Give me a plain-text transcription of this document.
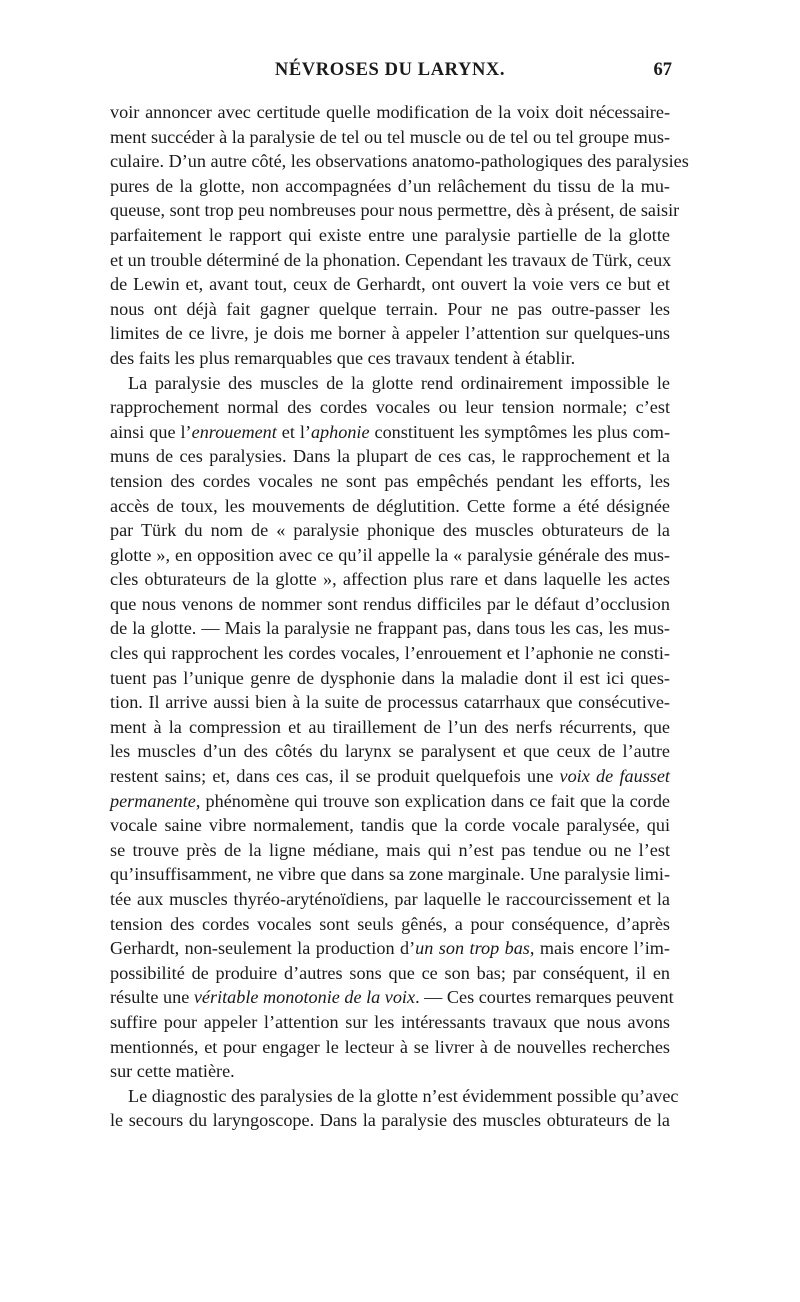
NÉVROSES DU LARYNX.	67
voir annoncer avec certitude quelle modification de la voix doit nécessaire-
ment succéder à la paralysie de tel ou tel muscle ou de tel ou tel groupe mus-
culaire. D’un autre côté, les observations anatomo-pathologiques des paralysies
pures de la glotte, non accompagnées d’un relâchement du tissu de la mu-
queuse, sont trop peu nombreuses pour nous permettre, dès à présent, de saisir
parfaitement le rapport qui existe entre une paralysie partielle de la glotte
et un trouble déterminé de la phonation. Cependant les travaux de Türk, ceux
de Lewin et, avant tout, ceux de Gerhardt, ont ouvert la voie vers ce but et
nous ont déjà fait gagner quelque terrain. Pour ne pas outre-passer les
limites de ce livre, je dois me borner à appeler l’attention sur quelques-uns
des faits les plus remarquables que ces travaux tendent à établir.
La paralysie des muscles de la glotte rend ordinairement impossible le
rapprochement normal des cordes vocales ou leur tension normale; c’est
ainsi que l’enrouement et l’aphonie constituent les symptômes les plus com-
muns de ces paralysies. Dans la plupart de ces cas, le rapprochement et la
tension des cordes vocales ne sont pas empêchés pendant les efforts, les
accès de toux, les mouvements de déglutition. Cette forme a été désignée
par Türk du nom de « paralysie phonique des muscles obturateurs de la
glotte », en opposition avec ce qu’il appelle la « paralysie générale des mus-
cles obturateurs de la glotte », affection plus rare et dans laquelle les actes
que nous venons de nommer sont rendus difficiles par le défaut d’occlusion
de la glotte. — Mais la paralysie ne frappant pas, dans tous les cas, les mus-
cles qui rapprochent les cordes vocales, l’enrouement et l’aphonie ne consti-
tuent pas l’unique genre de dysphonie dans la maladie dont il est ici ques-
tion. Il arrive aussi bien à la suite de processus catarrhaux que consécutive-
ment à la compression et au tiraillement de l’un des nerfs récurrents, que
les muscles d’un des côtés du larynx se paralysent et que ceux de l’autre
restent sains; et, dans ces cas, il se produit quelquefois une voix de fausset
permanente, phénomène qui trouve son explication dans ce fait que la corde
vocale saine vibre normalement, tandis que la corde vocale paralysée, qui
se trouve près de la ligne médiane, mais qui n’est pas tendue ou ne l’est
qu’insuffisamment, ne vibre que dans sa zone marginale. Une paralysie limi-
tée aux muscles thyréo-aryténoïdiens, par laquelle le raccourcissement et la
tension des cordes vocales sont seuls gênés, a pour conséquence, d’après
Gerhardt, non-seulement la production d’un son trop bas, mais encore l’im-
possibilité de produire d’autres sons que ce son bas; par conséquent, il en
résulte une véritable monotonie de la voix. — Ces courtes remarques peuvent
suffire pour appeler l’attention sur les intéressants travaux que nous avons
mentionnés, et pour engager le lecteur à se livrer à de nouvelles recherches
sur cette matière.
Le diagnostic des paralysies de la glotte n’est évidemment possible qu’avec
le secours du laryngoscope. Dans la paralysie des muscles obturateurs de la
